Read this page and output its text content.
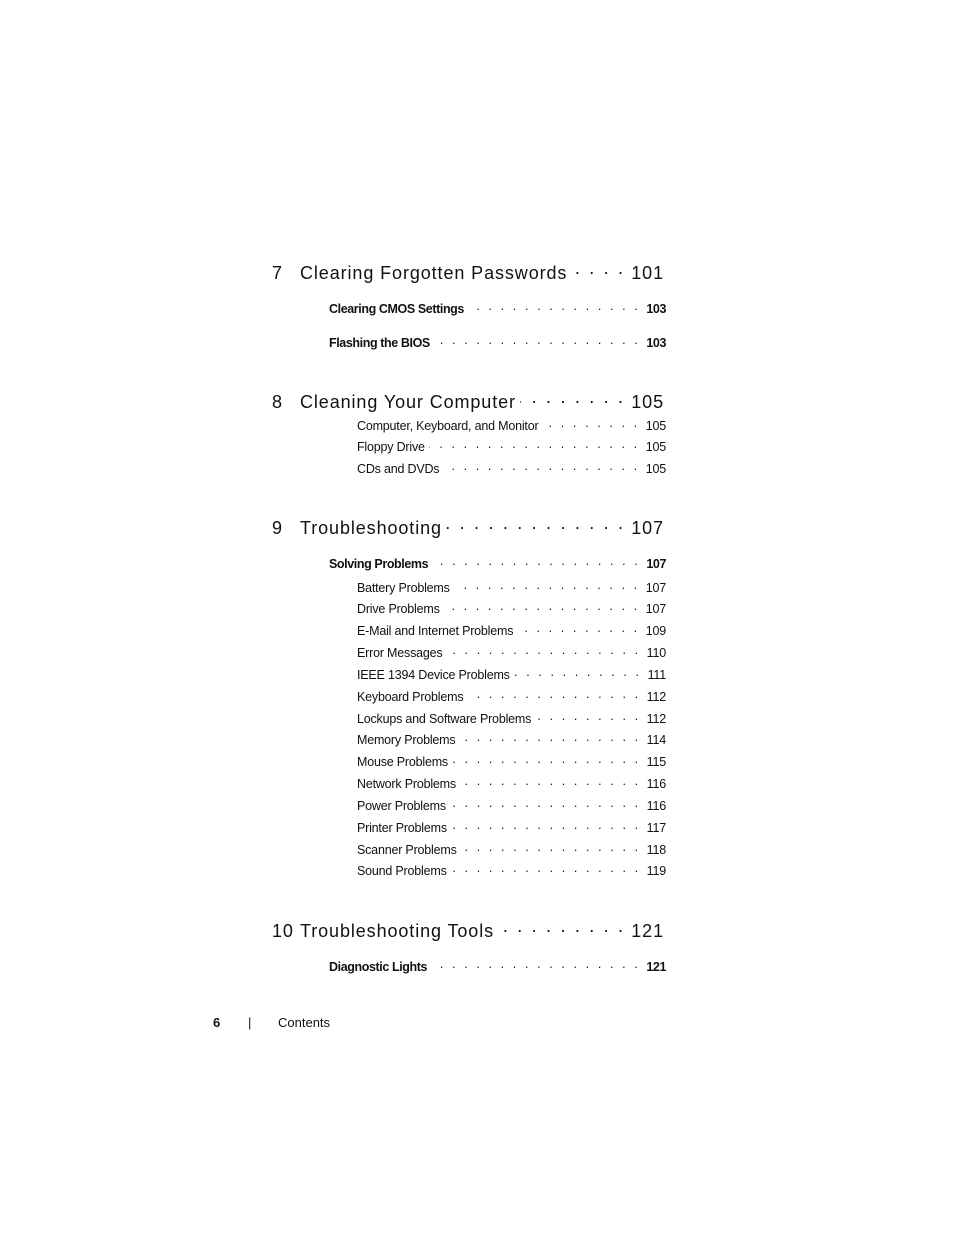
7 Clearing Forgotten Passwords . . .	101
Clearing CMOS Settings . . .	103
Flashing the BIOS . . .	103
8 Cleaning Your Computer . . .	105
Computer, Keyboard, and Monitor . . .	105
Floppy Drive . . .	105
CDs and DVDs . . .	105
9 Troubleshooting . . .	107
Solving Problems . . .	107
Battery Problems . . .	107
Drive Problems . . .	107
E-Mail and Internet Problems . . .	109
Error Messages . . .	110
IEEE 1394 Device Problems . . .	111
Keyboard Problems . . .	112
Lockups and Software Problems . . .	112
Memory Problems . . .	114
Mouse Problems . . .	115
Network Problems . . .	116
Power Problems . . .	116
Printer Problems . . .	117
Scanner Problems . . .	118
Sound Problems . . .	119
10 Troubleshooting Tools . . .	121
Diagnostic Lights . . .	121
6 | Contents
